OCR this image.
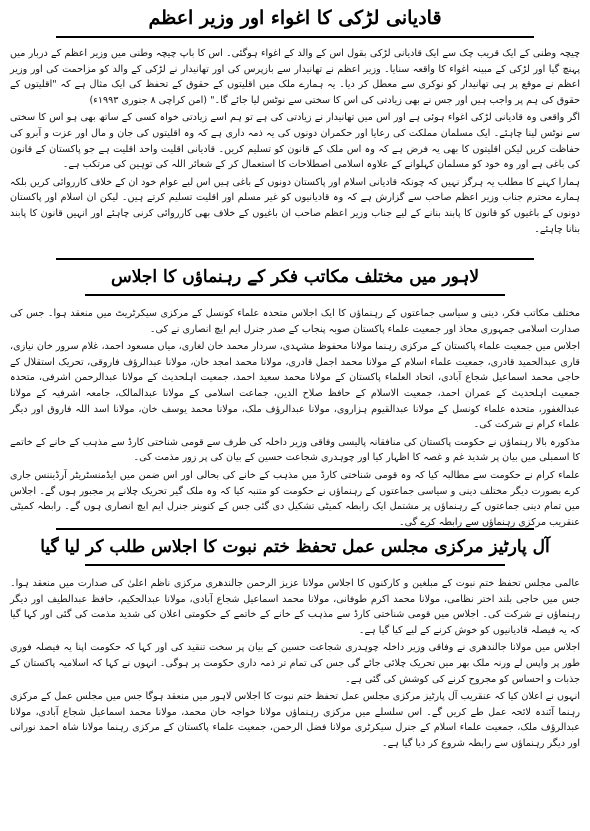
قادیانی لڑکی کا اغواء اور وزیر اعظم

چیچہ وطنی کے ایک قریب چک سے ایک قادیانی لڑکی بقول اس کے والد کے اغواء ہوگئی۔ اس کا باپ چیچہ وطنی میں وزیر اعظم کے دربار میں پہنچ گیا اور لڑکی کے مبینہ اغواء کا واقعہ سنایا۔ وزیر اعظم نے تھانیدار سے بازپرس کی اور تھانیدار نے لڑکی کے والد کو مزاحمت کی اور وزیر اعظم نے موقع پر ہی تھانیدار کو نوکری سے معطل کر دیا۔ یہ ہمارے ملک میں اقلیتوں کے حقوق کے تحفظ کی ایک مثال ہے کہ "اقلیتوں کے حقوق کی ہم پر واجب ہیں اور جس نے بھی زیادتی کی اس کا سختی سے نوٹس لیا جائے گا۔" (امن کراچی ۸ جنوری ۱۹۹۳ء)

اگر واقعی وہ قادیانی لڑکی اغواء ہوئی ہے اور اس میں تھانیدار نے زیادتی کی ہے تو ہم اسے زیادتی خواہ کسی کے ساتھ بھی ہو اس کا سختی سے نوٹس لینا چاہئے۔ ایک مسلمان مملکت کی رعایا اور حکمران دونوں کی یہ ذمہ داری ہے کہ وہ اقلیتوں کی جان و مال اور عزت و آبرو کی حفاظت کریں لیکن اقلیتوں کا بھی یہ فرض ہے کہ وہ اس ملک کے قانون کو تسلیم کریں۔ قادیانی اقلیت واحد اقلیت ہے جو پاکستان کے قانون کی باغی ہے اور وہ خود کو مسلمان کہلوانے کے علاوہ اسلامی اصطلاحات کا استعمال کر کے شعائر اللہ کی توہین کی مرتکب ہے۔

ہمارا کہنے کا مطلب یہ ہرگز نہیں کہ چونکہ قادیانی اسلام اور پاکستان دونوں کے باغی ہیں اس لیے عوام خود ان کے خلاف کارروائی کریں بلکہ ہمارے محترم جناب وزیر اعظم صاحب سے گزارش ہے کہ وہ قادیانیوں کو غیر مسلم اور اقلیت تسلیم کرتے ہیں۔ لیکن ان اسلام اور پاکستان دونوں کے باغیوں کو قانون کا پابند بنانے کے لیے جناب وزیر اعظم صاحب ان باغیوں کے خلاف بھی کارروائی کرنی چاہئے اور انہیں قانون کا پابند بنانا چاہئے۔

لاہور میں مختلف مکاتب فکر کے رہنماؤں کا اجلاس

مختلف مکاتب فکر، دینی و سیاسی جماعتوں کے رہنماؤں کا ایک اجلاس متحدہ علماء کونسل کے مرکزی سیکرٹریٹ میں منعقد ہوا۔ جس کی صدارت اسلامی جمہوری محاذ اور جمعیت علماء پاکستان صوبہ پنجاب کے صدر جنرل ایم ایچ انصاری نے کی۔

اجلاس میں جمعیت علماء پاکستان کے مرکزی رہنما مولانا محفوظ مشہدی، سردار محمد خان لغاری، میاں مسعود احمد، غلام سرور خان نیازی، قاری عبدالحمید قادری، جمعیت علماء اسلام کے مولانا محمد اجمل قادری، مولانا محمد امجد خان، مولانا عبدالرؤف فاروقی، تحریک استقلال کے حاجی محمد اسماعیل شجاع آبادی، اتحاد العلماء پاکستان کے مولانا محمد سعید احمد، جمعیت اہلحدیث کے مولانا عبدالرحمن اشرفی، متحدہ جمعیت اہلحدیث کے عمران احمد، جمعیت الاسلام کے حافظ صلاح الدین، جماعت اسلامی کے مولانا عبدالمالک، جامعہ اشرفیہ کے مولانا عبدالغفور، متحدہ علماء کونسل کے مولانا عبدالقیوم ہزاروی، مولانا عبدالرؤف ملک، مولانا محمد یوسف خان، مولانا اسد اللہ فاروق اور دیگر علماء کرام نے شرکت کی۔

مذکورہ بالا رہنماؤں نے حکومت پاکستان کی منافقانہ پالیسی وفاقی وزیر داخلہ کی طرف سے قومی شناختی کارڈ سے مذہب کے خانے کے خاتمے کا اسمبلی میں بیان پر شدید غم و غصہ کا اظہار کیا اور چوہدری شجاعت حسین کے بیان کی پر زور مذمت کی۔

علماء کرام نے حکومت سے مطالبہ کیا کہ وہ قومی شناختی کارڈ میں مذہب کے خانے کی بحالی اور اس ضمن میں ایڈمنسٹریٹر آرڈیننس جاری کرے بصورت دیگر مختلف دینی و سیاسی جماعتوں کے رہنماؤں نے حکومت کو متنبہ کیا کہ وہ ملک گیر تحریک چلانے پر مجبور ہوں گے۔ اجلاس میں تمام دینی جماعتوں کے رہنماؤں پر مشتمل ایک رابطہ کمیٹی تشکیل دی گئی جس کے کنوینر جنرل ایم ایچ انصاری ہوں گے۔ رابطہ کمیٹی عنقریب مرکزی رہنماؤں سے رابطہ کرے گی۔

آل پارٹیز مرکزی مجلس عمل تحفظ ختم نبوت کا اجلاس طلب کر لیا گیا

عالمی مجلس تحفظ ختم نبوت کے مبلغین و کارکنوں کا اجلاس مولانا عزیز الرحمن جالندھری مرکزی ناظم اعلیٰ کی صدارت میں منعقد ہوا۔ جس میں حاجی بلند اختر نظامی، مولانا محمد اکرم طوفانی، مولانا محمد اسماعیل شجاع آبادی، مولانا عبدالحکیم، حافظ عبدالطیف اور دیگر رہنماؤں نے شرکت کی۔ اجلاس میں قومی شناختی کارڈ سے مذہب کے خانے کے خاتمے کے حکومتی اعلان کی شدید مذمت کی گئی اور کہا گیا کہ یہ فیصلہ قادیانیوں کو خوش کرنے کے لیے کیا گیا ہے۔

اجلاس میں مولانا جالندھری نے وفاقی وزیر داخلہ چوہدری شجاعت حسین کے بیان پر سخت تنقید کی اور کہا کہ حکومت اپنا یہ فیصلہ فوری طور پر واپس لے ورنہ ملک بھر میں تحریک چلائی جائے گی جس کی تمام تر ذمہ داری حکومت پر ہوگی۔ انہوں نے کہا کہ اسلامیہ پاکستان کے جذبات و احساس کو مجروح کرنے کی کوشش کی گئی ہے۔

انہوں نے اعلان کیا کہ عنقریب آل پارٹیز مرکزی مجلس عمل تحفظ ختم نبوت کا اجلاس لاہور میں منعقد ہوگا جس میں مجلس عمل کے مرکزی رہنما آئندہ لائحہ عمل طے کریں گے۔ اس سلسلے میں مرکزی رہنماؤں مولانا خواجہ خان محمد، مولانا محمد اسماعیل شجاع آبادی، مولانا عبدالرؤف ملک، جمعیت علماء اسلام کے جنرل سیکرٹری مولانا فضل الرحمن، جمعیت علماء پاکستان کے مرکزی رہنما مولانا شاہ احمد نورانی اور دیگر رہنماؤں سے رابطہ شروع کر دیا گیا ہے۔
